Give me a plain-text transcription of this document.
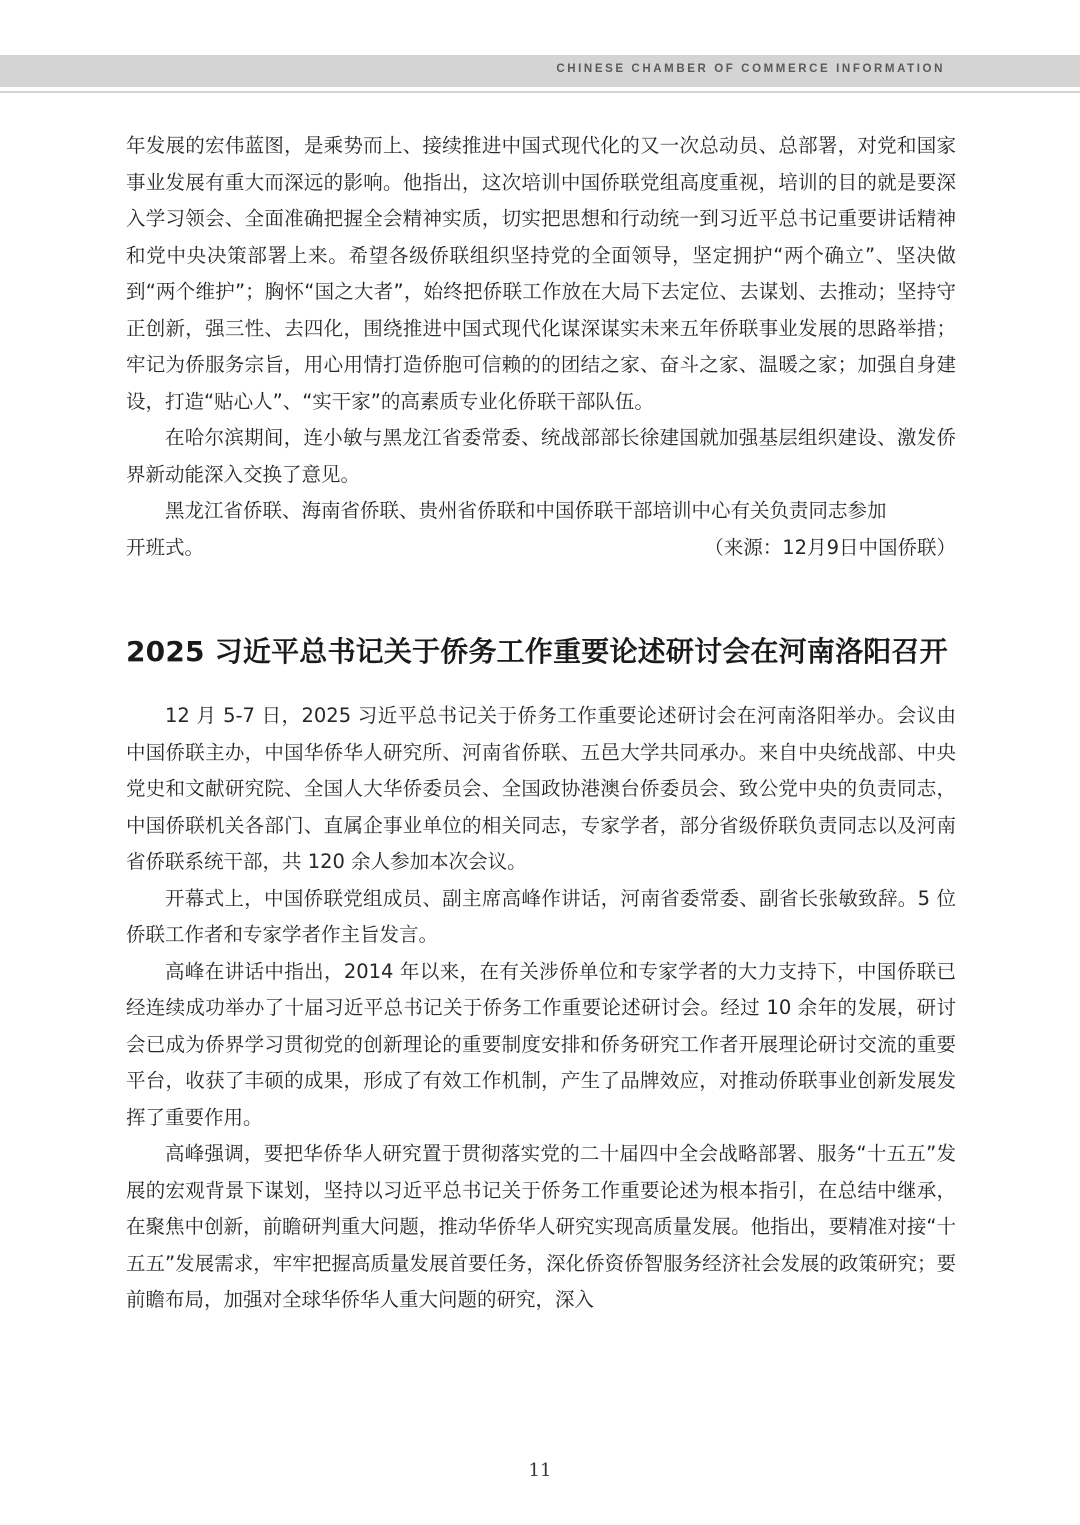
CHINESE CHAMBER OF COMMERCE INFORMATION

年发展的宏伟蓝图，是乘势而上、接续推进中国式现代化的又一次总动员、总部署，对党和国家事业发展有重大而深远的影响。他指出，这次培训中国侨联党组高度重视，培训的目的就是要深入学习领会、全面准确把握全会精神实质，切实把思想和行动统一到习近平总书记重要讲话精神和党中央决策部署上来。希望各级侨联组织坚持党的全面领导，坚定拥护“两个确立”、坚决做到“两个维护”；胸怀“国之大者”，始终把侨联工作放在大局下去定位、去谋划、去推动；坚持守正创新，强三性、去四化，围绕推进中国式现代化谋深谋实未来五年侨联事业发展的思路举措；牢记为侨服务宗旨，用心用情打造侨胞可信赖的的团结之家、奋斗之家、温暖之家；加强自身建设，打造“贴心人”、“实干家”的高素质专业化侨联干部队伍。

在哈尔滨期间，连小敏与黑龙江省委常委、统战部部长徐建国就加强基层组织建设、激发侨界新动能深入交换了意见。

黑龙江省侨联、海南省侨联、贵州省侨联和中国侨联干部培训中心有关负责同志参加

开班式。	（来源：12月9日中国侨联）
2025 习近平总书记关于侨务工作重要论述研讨会在河南洛阳召开

12 月 5-7 日，2025 习近平总书记关于侨务工作重要论述研讨会在河南洛阳举办。会议由中国侨联主办，中国华侨华人研究所、河南省侨联、五邑大学共同承办。来自中央统战部、中央党史和文献研究院、全国人大华侨委员会、全国政协港澳台侨委员会、致公党中央的负责同志，中国侨联机关各部门、直属企事业单位的相关同志，专家学者，部分省级侨联负责同志以及河南省侨联系统干部，共 120 余人参加本次会议。

开幕式上，中国侨联党组成员、副主席高峰作讲话，河南省委常委、副省长张敏致辞。5 位侨联工作者和专家学者作主旨发言。

高峰在讲话中指出，2014 年以来，在有关涉侨单位和专家学者的大力支持下，中国侨联已经连续成功举办了十届习近平总书记关于侨务工作重要论述研讨会。经过 10 余年的发展，研讨会已成为侨界学习贯彻党的创新理论的重要制度安排和侨务研究工作者开展理论研讨交流的重要平台，收获了丰硕的成果，形成了有效工作机制，产生了品牌效应，对推动侨联事业创新发展发挥了重要作用。

高峰强调，要把华侨华人研究置于贯彻落实党的二十届四中全会战略部署、服务“十五五”发展的宏观背景下谋划，坚持以习近平总书记关于侨务工作重要论述为根本指引，在总结中继承，在聚焦中创新，前瞻研判重大问题，推动华侨华人研究实现高质量发展。他指出，要精准对接“十五五”发展需求，牢牢把握高质量发展首要任务，深化侨资侨智服务经济社会发展的政策研究；要前瞻布局，加强对全球华侨华人重大问题的研究，深入

11
